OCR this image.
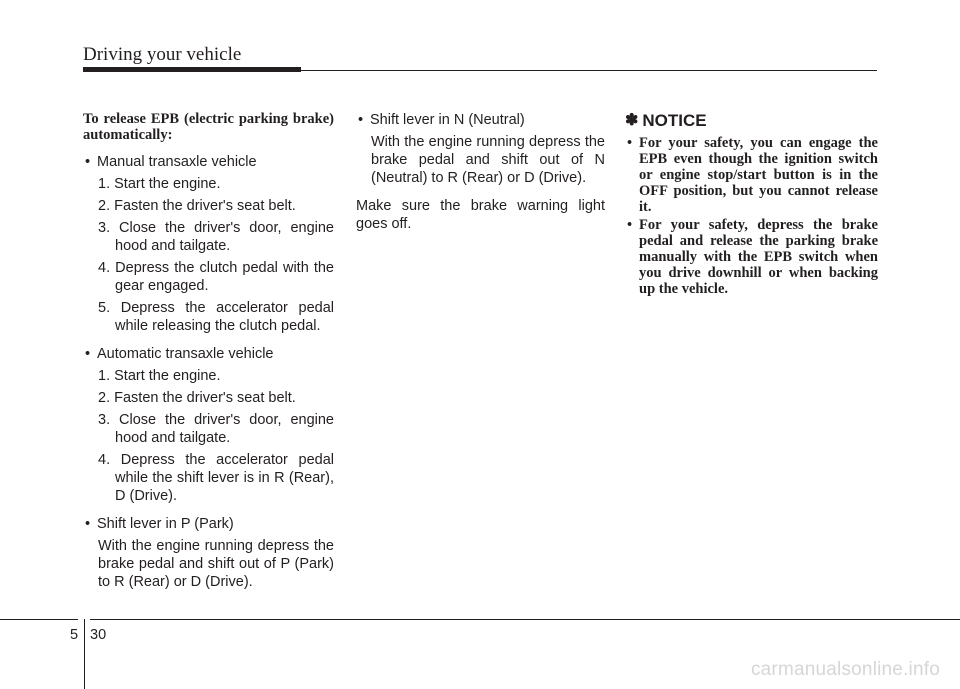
Driving your vehicle

To release EPB (electric parking brake) automatically:

• Manual transaxle vehicle
1. Start the engine.
2. Fasten the driver's seat belt.
3. Close the driver's door, engine hood and tailgate.
4. Depress the clutch pedal with the gear engaged.
5. Depress the accelerator pedal while releasing the clutch pedal.
• Automatic transaxle vehicle
1. Start the engine.
2. Fasten the driver's seat belt.
3. Close the driver's door, engine hood and tailgate.
4. Depress the accelerator pedal while the shift lever is in R (Rear), D (Drive).
• Shift lever in P (Park)

With the engine running depress the brake pedal and shift out of P (Park) to R (Rear) or D (Drive).

• Shift lever in N (Neutral)

With the engine running depress the brake pedal and shift out of N (Neutral) to R (Rear) or D (Drive).

Make sure the brake warning light goes off.

✽ NOTICE
• For your safety, you can engage the EPB even though the ignition switch or engine stop/start button is in the OFF position, but you cannot release it.
• For your safety, depress the brake pedal and release the parking brake manually with the EPB switch when you drive downhill or when backing up the vehicle.
5 30
carmanualsonline.info
